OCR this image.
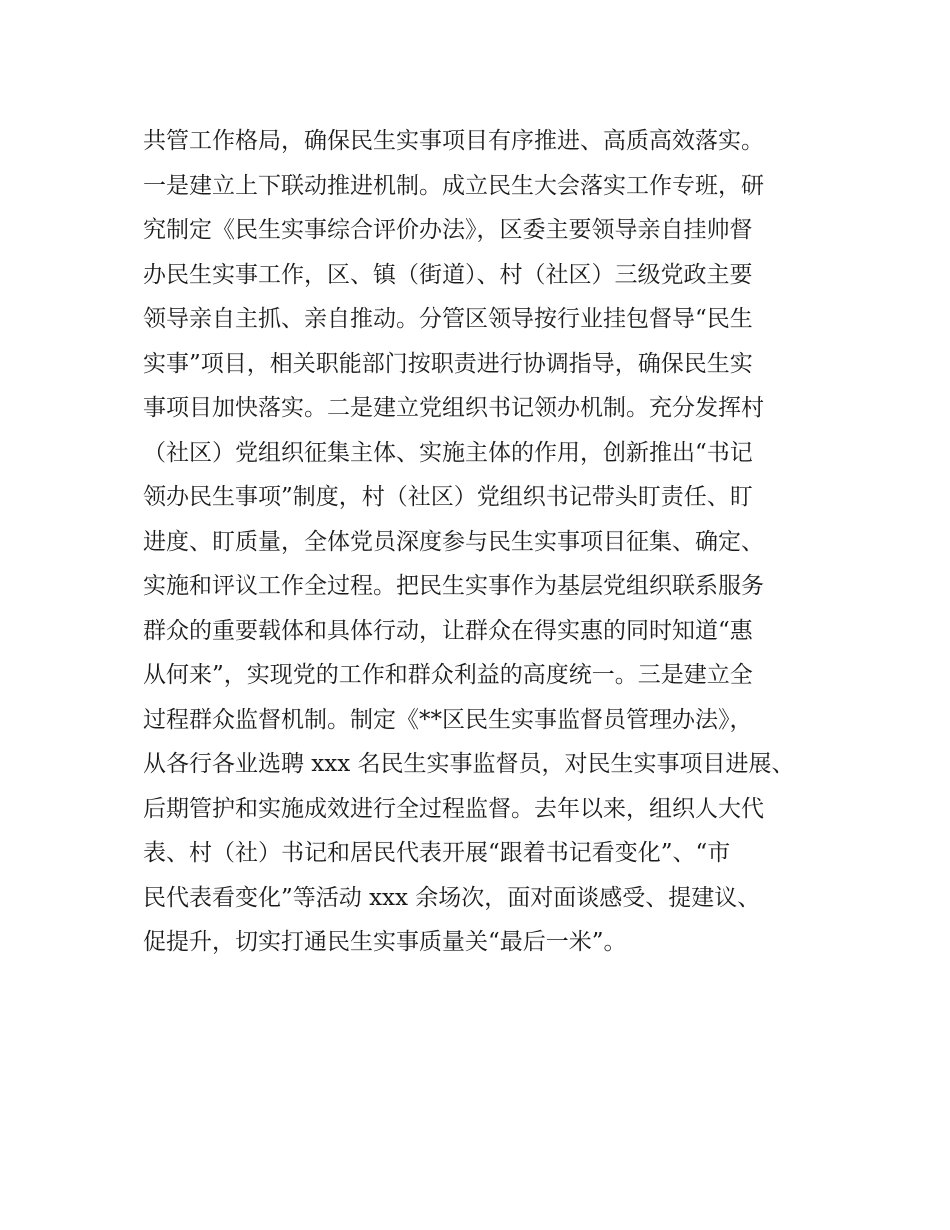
共管工作格局，确保民生实事项目有序推进、高质高效落实。
一是建立上下联动推进机制。成立民生大会落实工作专班，研
究制定《民生实事综合评价办法》，区委主要领导亲自挂帅督
办民生实事工作，区、镇（街道）、村（社区）三级党政主要
领导亲自主抓、亲自推动。分管区领导按行业挂包督导“民生
实事”项目，相关职能部门按职责进行协调指导，确保民生实
事项目加快落实。二是建立党组织书记领办机制。充分发挥村
（社区）党组织征集主体、实施主体的作用，创新推出“书记
领办民生事项”制度，村（社区）党组织书记带头盯责任、盯
进度、盯质量，全体党员深度参与民生实事项目征集、确定、
实施和评议工作全过程。把民生实事作为基层党组织联系服务
群众的重要载体和具体行动，让群众在得实惠的同时知道“惠
从何来”，实现党的工作和群众利益的高度统一。三是建立全
过程群众监督机制。制定《**区民生实事监督员管理办法》，
从各行各业选聘 xxx 名民生实事监督员，对民生实事项目进展、
后期管护和实施成效进行全过程监督。去年以来，组织人大代
表、村（社）书记和居民代表开展“跟着书记看变化”、“市
民代表看变化”等活动 xxx 余场次，面对面谈感受、提建议、
促提升，切实打通民生实事质量关“最后一米”。
